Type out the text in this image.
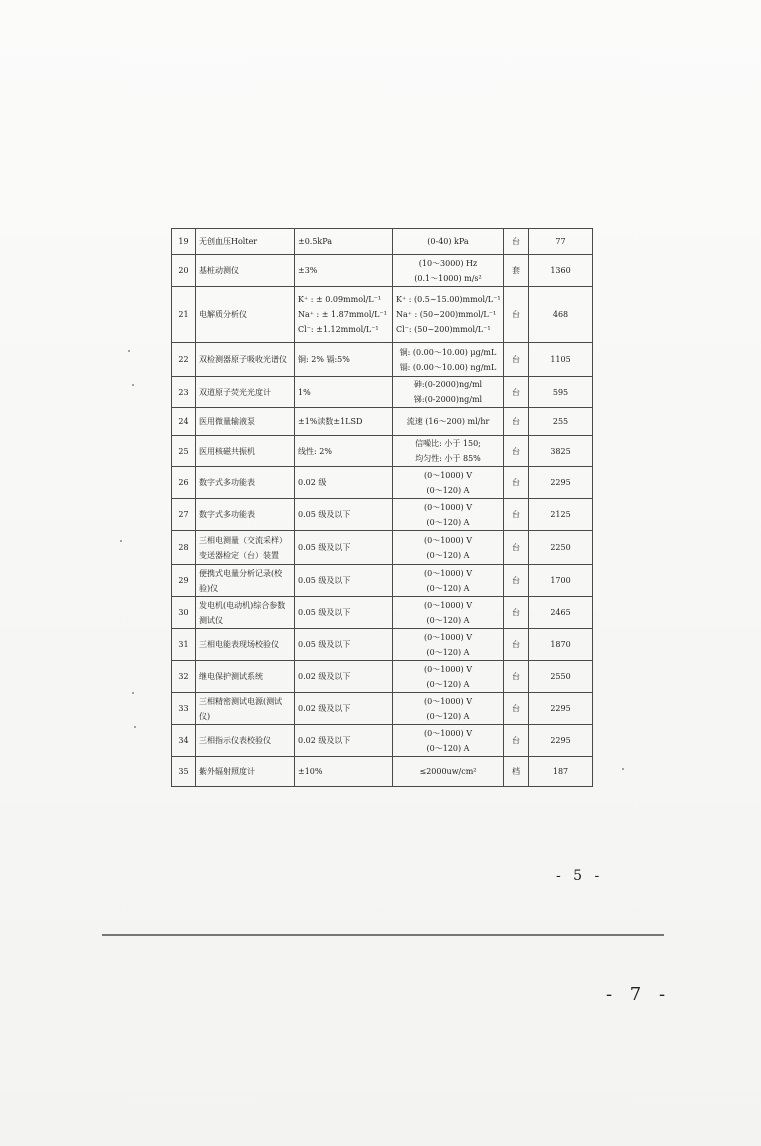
19	无创血压Holter	±0.5kPa	(0-40) kPa	台	77
20	基桩动测仪	±3%	(10～3000) Hz
(0.1～1000) m/s²	套	1360
21	电解质分析仪	K⁺ : ± 0.09mmol/L⁻¹
Na⁺ : ± 1.87mmol/L⁻¹
Cl⁻: ±1.12mmol/L⁻¹	K⁺ : (0.5~15.00)mmol/L⁻¹
Na⁺ : (50~200)mmol/L⁻¹
Cl⁻: (50~200)mmol/L⁻¹	台	468
22	双检测器原子吸收光谱仪	铜: 2% 镉:5%	铜: (0.00～10.00) μg/mL
镉: (0.00～10.00) ng/mL	台	1105
23	双道原子荧光光度计	1%	砷:(0-2000)ng/ml
锑:(0-2000)ng/ml	台	595
24	医用微量输液泵	±1%读数±1LSD	流速 (16～200) ml/hr	台	255
25	医用核磁共振机	线性: 2%	信噪比: 小于 150;
均匀性: 小于 85%	台	3825
26	数字式多功能表	0.02 级	(0～1000) V
(0～120) A	台	2295
27	数字式多功能表	0.05 级及以下	(0～1000) V
(0～120) A	台	2125
28	三相电测量（交流采样）变送器检定（台）装置	0.05 级及以下	(0～1000) V
(0～120) A	台	2250
29	便携式电量分析记录(校验)仪	0.05 级及以下	(0～1000) V
(0～120) A	台	1700
30	发电机(电动机)综合参数测试仪	0.05 级及以下	(0～1000) V
(0～120) A	台	2465
31	三相电能表现场校验仪	0.05 级及以下	(0～1000) V
(0～120) A	台	1870
32	继电保护测试系统	0.02 级及以下	(0～1000) V
(0～120) A	台	2550
33	三相精密测试电源(测试仪)	0.02 级及以下	(0～1000) V
(0～120) A	台	2295
34	三相指示仪表校验仪	0.02 级及以下	(0～1000) V
(0～120) A	台	2295
35	紫外辐射照度计	±10%	≤2000uw/cm²	档	187
- 5 -
- 7 -
